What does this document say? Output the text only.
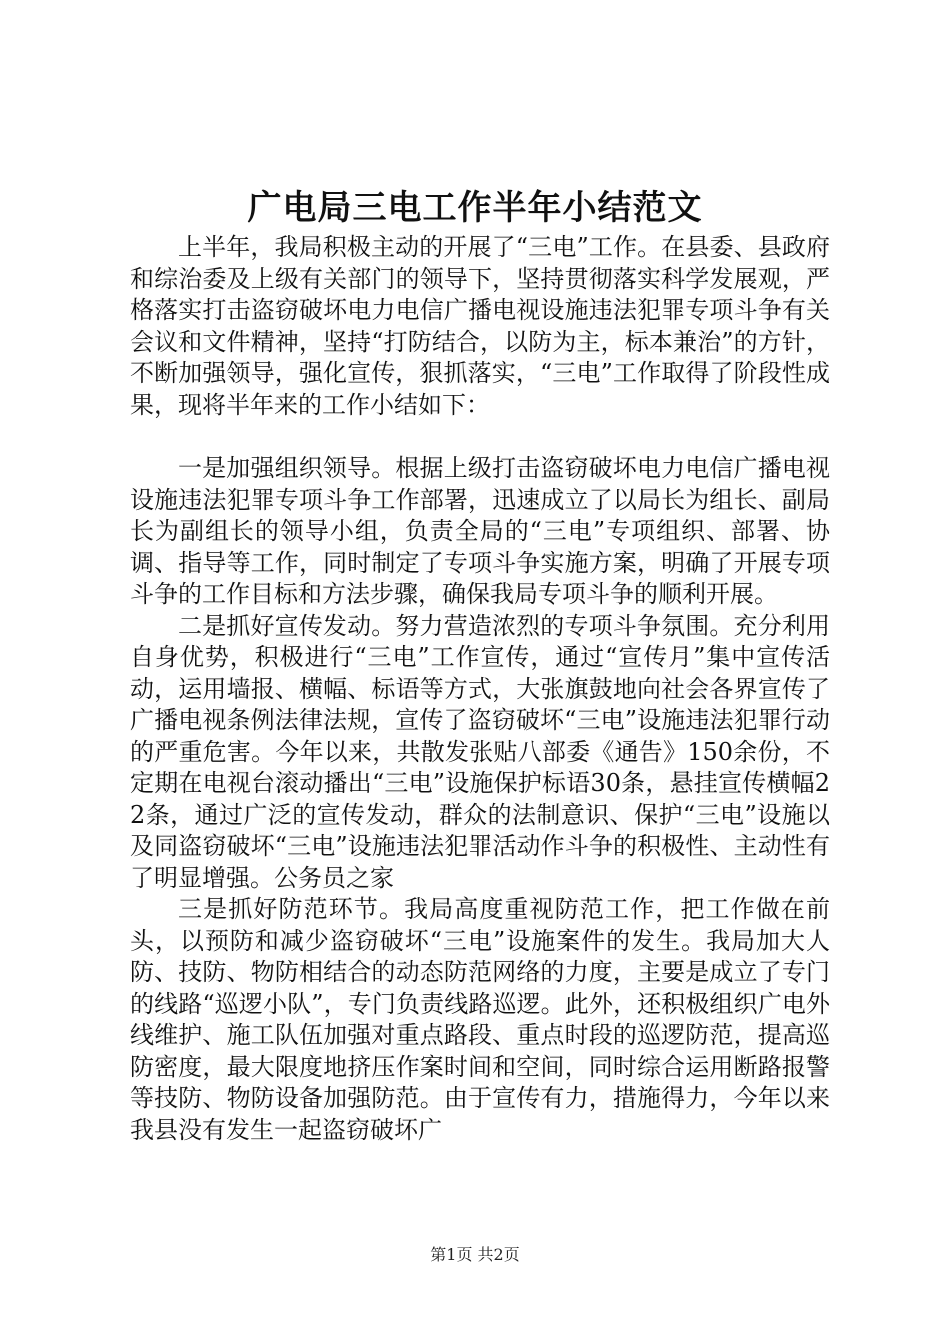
广电局三电工作半年小结范文

上半年，我局积极主动的开展了“三电”工作。在县委、县政府和综治委及上级有关部门的领导下，坚持贯彻落实科学发展观，严格落实打击盗窃破坏电力电信广播电视设施违法犯罪专项斗争有关会议和文件精神，坚持“打防结合，以防为主，标本兼治”的方针，不断加强领导，强化宣传，狠抓落实，“三电”工作取得了阶段性成果，现将半年来的工作小结如下：

一是加强组织领导。根据上级打击盗窃破坏电力电信广播电视设施违法犯罪专项斗争工作部署，迅速成立了以局长为组长、副局长为副组长的领导小组，负责全局的“三电”专项组织、部署、协调、指导等工作，同时制定了专项斗争实施方案，明确了开展专项斗争的工作目标和方法步骤，确保我局专项斗争的顺利开展。

二是抓好宣传发动。努力营造浓烈的专项斗争氛围。充分利用自身优势，积极进行“三电”工作宣传，通过“宣传月”集中宣传活动，运用墙报、横幅、标语等方式，大张旗鼓地向社会各界宣传了广播电视条例法律法规，宣传了盗窃破坏“三电”设施违法犯罪行动的严重危害。今年以来，共散发张贴八部委《通告》150余份，不定期在电视台滚动播出“三电”设施保护标语30条，悬挂宣传横幅22条，通过广泛的宣传发动，群众的法制意识、保护“三电”设施以及同盗窃破坏“三电”设施违法犯罪活动作斗争的积极性、主动性有了明显增强。公务员之家

三是抓好防范环节。我局高度重视防范工作，把工作做在前头，以预防和减少盗窃破坏“三电”设施案件的发生。我局加大人防、技防、物防相结合的动态防范网络的力度，主要是成立了专门的线路“巡逻小队”，专门负责线路巡逻。此外，还积极组织广电外线维护、施工队伍加强对重点路段、重点时段的巡逻防范，提高巡防密度，最大限度地挤压作案时间和空间，同时综合运用断路报警等技防、物防设备加强防范。由于宣传有力，措施得力，今年以来我县没有发生一起盗窃破坏广

第1页 共2页
